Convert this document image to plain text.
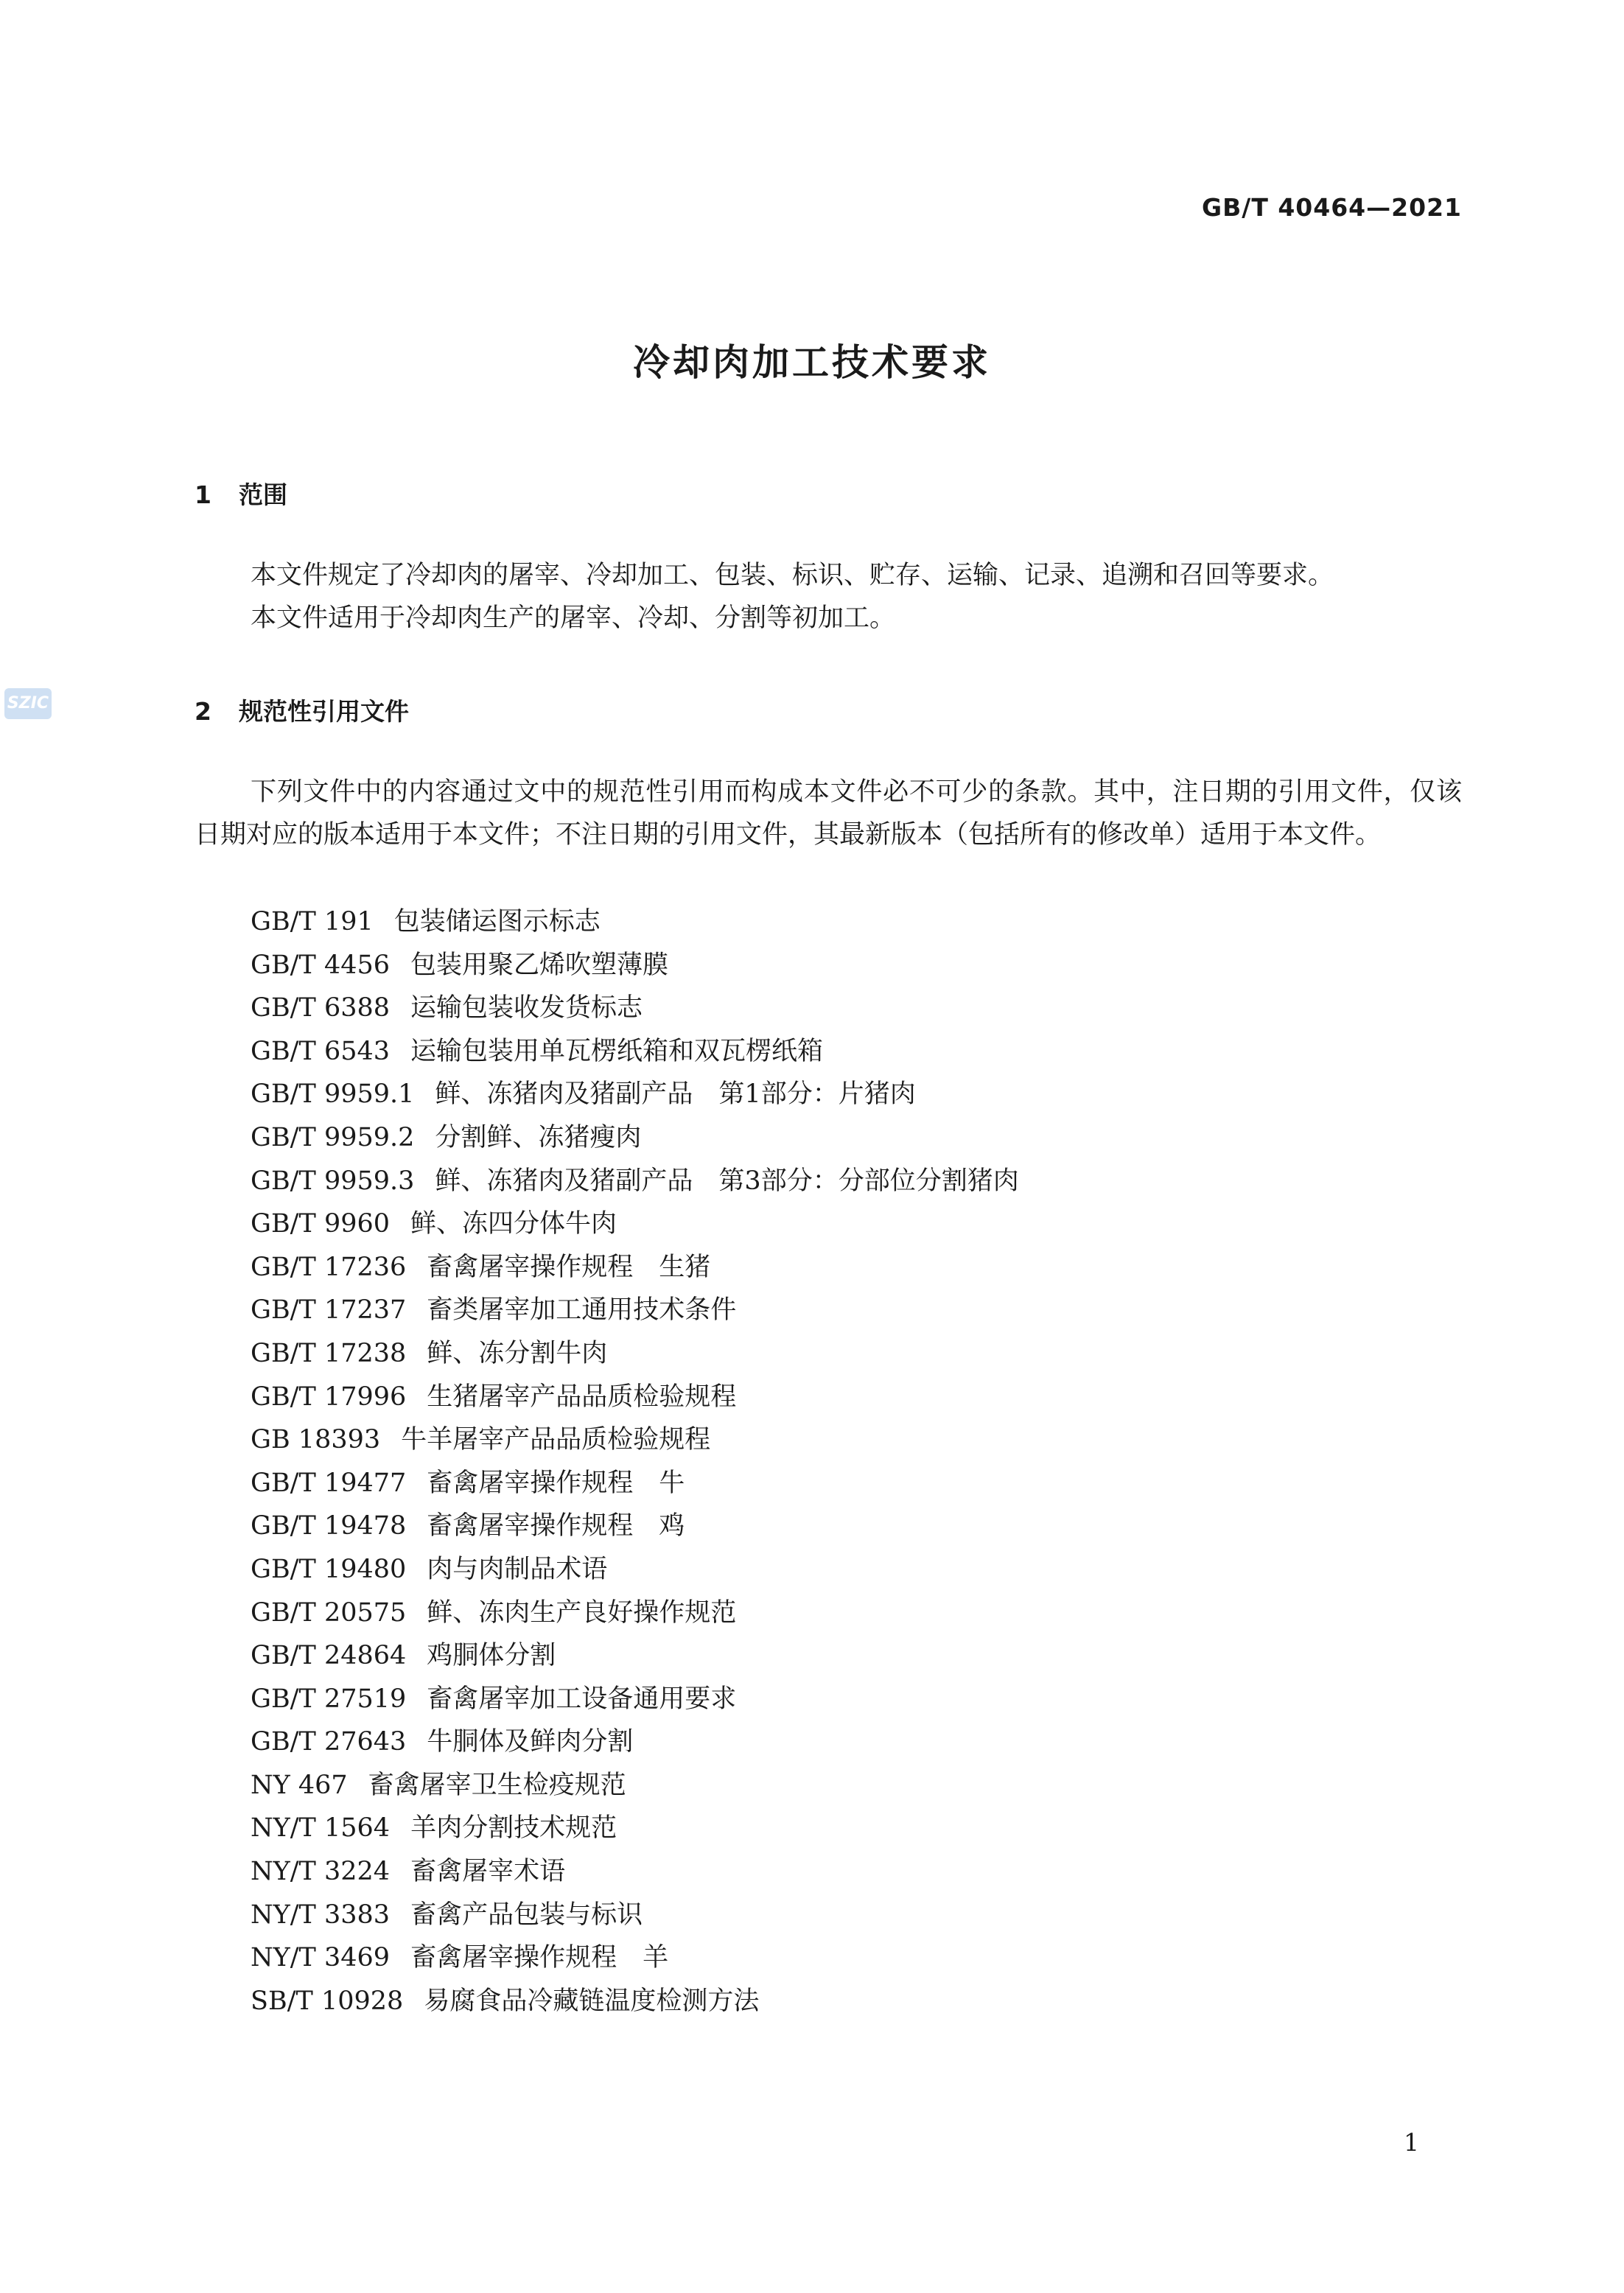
GB/T 40464—2021
SZIC
冷却肉加工技术要求
1 范围

本文件规定了冷却肉的屠宰、冷却加工、包装、标识、贮存、运输、记录、追溯和召回等要求。

本文件适用于冷却肉生产的屠宰、冷却、分割等初加工。

2 规范性引用文件

下列文件中的内容通过文中的规范性引用而构成本文件必不可少的条款。其中，注日期的引用文件，仅该日期对应的版本适用于本文件；不注日期的引用文件，其最新版本（包括所有的修改单）适用于本文件。

GB/T 191 包装储运图示标志
GB/T 4456 包装用聚乙烯吹塑薄膜
GB/T 6388 运输包装收发货标志
GB/T 6543 运输包装用单瓦楞纸箱和双瓦楞纸箱
GB/T 9959.1 鲜、冻猪肉及猪副产品　第1部分：片猪肉
GB/T 9959.2 分割鲜、冻猪瘦肉
GB/T 9959.3 鲜、冻猪肉及猪副产品　第3部分：分部位分割猪肉
GB/T 9960 鲜、冻四分体牛肉
GB/T 17236 畜禽屠宰操作规程　生猪
GB/T 17237 畜类屠宰加工通用技术条件
GB/T 17238 鲜、冻分割牛肉
GB/T 17996 生猪屠宰产品品质检验规程
GB 18393 牛羊屠宰产品品质检验规程
GB/T 19477 畜禽屠宰操作规程　牛
GB/T 19478 畜禽屠宰操作规程　鸡
GB/T 19480 肉与肉制品术语
GB/T 20575 鲜、冻肉生产良好操作规范
GB/T 24864 鸡胴体分割
GB/T 27519 畜禽屠宰加工设备通用要求
GB/T 27643 牛胴体及鲜肉分割
NY 467 畜禽屠宰卫生检疫规范
NY/T 1564 羊肉分割技术规范
NY/T 3224 畜禽屠宰术语
NY/T 3383 畜禽产品包装与标识
NY/T 3469 畜禽屠宰操作规程　羊
SB/T 10928 易腐食品冷藏链温度检测方法
1
